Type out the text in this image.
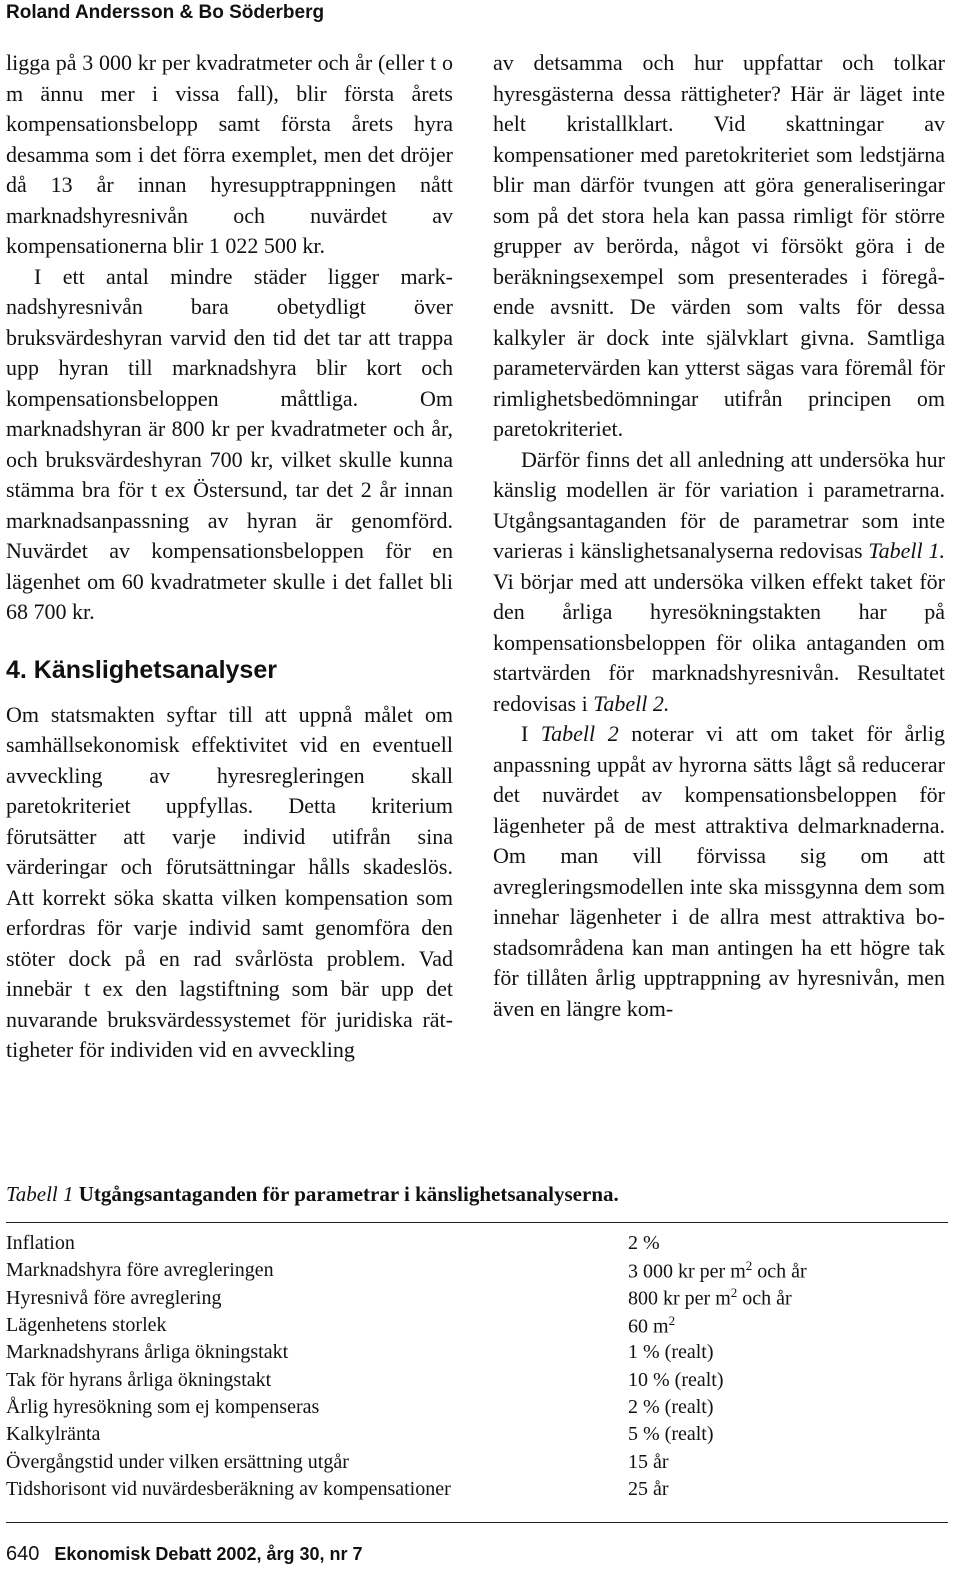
Roland Andersson & Bo Söderberg

ligga på 3 000 kr per kvadratmeter och år (eller t o m ännu mer i vissa fall), blir första årets kompensationsbelopp samt första årets hyra desamma som i det förra exemplet, men det dröjer då 13 år innan hyresupptrappningen nått marknadshyresnivån och nuvärdet av kompensationerna blir 1 022 500 kr.

I ett antal mindre städer ligger marknadshyresnivån bara obetydligt över bruksvärdeshyran varvid den tid det tar att trappa upp hyran till marknadshyra blir kort och kompensationsbeloppen måttliga. Om marknadshyran är 800 kr per kvadratmeter och år, och bruksvärdeshyran 700 kr, vilket skulle kunna stämma bra för t ex Östersund, tar det 2 år innan marknadsanpassning av hyran är genomförd. Nuvärdet av kompensationsbeloppen för en lägenhet om 60 kvadratmeter skulle i det fallet bli 68 700 kr.

4. Känslighetsanalyser

Om statsmakten syftar till att uppnå målet om samhällsekonomisk effektivitet vid en eventuell avveckling av hyresregleringen skall paretokriteriet uppfyllas. Detta kriterium förutsätter att varje individ utifrån sina värderingar och förutsättningar hålls skadeslös. Att korrekt söka skatta vilken kompensation som erfordras för varje individ samt genomföra den stöter dock på en rad svårlösta problem. Vad innebär t ex den lagstiftning som bär upp det nuvarande bruksvärdessystemet för juridiska rättigheter för individen vid en avveckling

av detsamma och hur uppfattar och tolkar hyresgästerna dessa rättigheter? Här är läget inte helt kristallklart. Vid skattningar av kompensationer med paretokriteriet som ledstjärna blir man därför tvungen att göra generaliseringar som på det stora hela kan passa rimligt för större grupper av berörda, något vi försökt göra i de beräkningsexempel som presenterades i föregående avsnitt. De värden som valts för dessa kalkyler är dock inte självklart givna. Samtliga parametervärden kan ytterst sägas vara föremål för rimlighetsbedömningar utifrån principen om paretokriteriet.

Därför finns det all anledning att undersöka hur känslig modellen är för variation i parametrarna. Utgångsantaganden för de parametrar som inte varieras i känslighetsanalyserna redovisas Tabell 1. Vi börjar med att undersöka vilken effekt taket för den årliga hyresökningstakten har på kompensationsbeloppen för olika antaganden om startvärden för marknadshyresnivån. Resultatet redovisas i Tabell 2.

I Tabell 2 noterar vi att om taket för årlig anpassning uppåt av hyrorna sätts lågt så reducerar det nuvärdet av kompensationsbeloppen för lägenheter på de mest attraktiva delmarknaderna. Om man vill förvissa sig om att avregleringsmodellen inte ska missgynna dem som innehar lägenheter i de allra mest attraktiva bostadsområdena kan man antingen ha ett högre tak för tillåten årlig upptrappning av hyresnivån, men även en längre kom-

Tabell 1 Utgångsantaganden för parametrar i känslighetsanalyserna.
Inflation	2 %
Marknadshyra före avregleringen	3 000 kr per $m^2$ och år
Hyresnivå före avreglering	800 kr per $m^2$ och år
Lägenhetens storlek	60 $m^2$
Marknadshyrans årliga ökningstakt	1 % (realt)
Tak för hyrans årliga ökningstakt	10 % (realt)
Årlig hyresökning som ej kompenseras	2 % (realt)
Kalkylränta	5 % (realt)
Övergångstid under vilken ersättning utgår	15 år
Tidshorisont vid nuvärdesberäkning av kompensationer	25 år
640 Ekonomisk Debatt 2002, årg 30, nr 7
